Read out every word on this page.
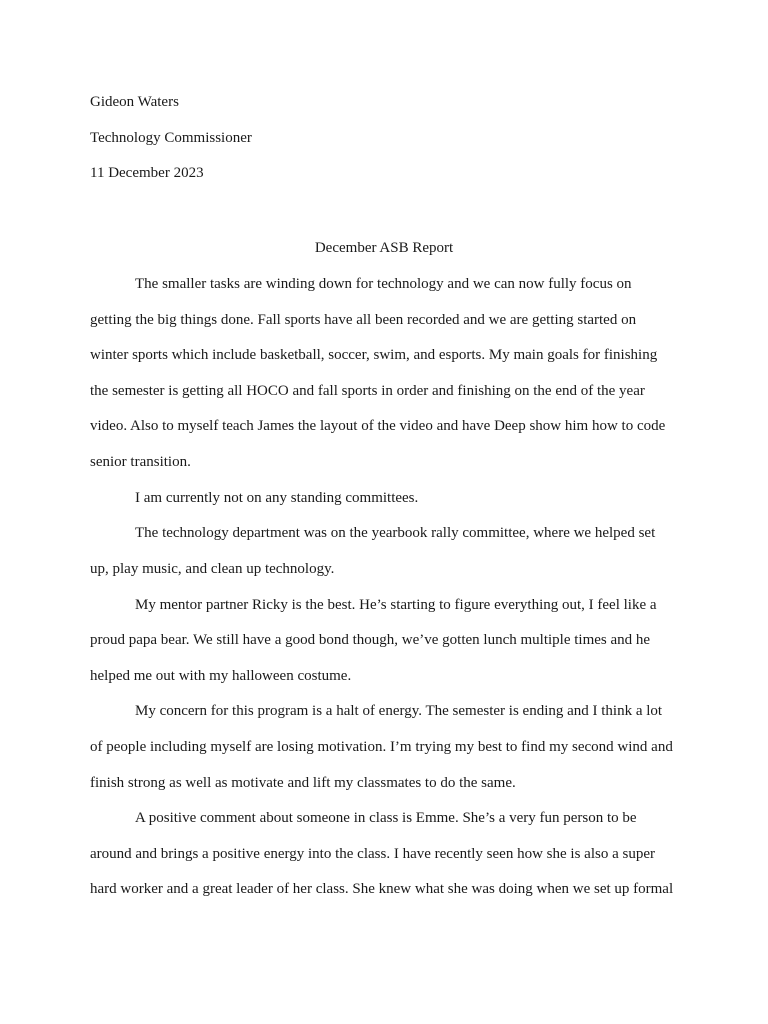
Gideon Waters
Technology Commissioner
11 December 2023
December ASB Report
The smaller tasks are winding down for technology and we can now fully focus on
getting the big things done. Fall sports have all been recorded and we are getting started on
winter sports which include basketball, soccer, swim, and esports. My main goals for finishing
the semester is getting all HOCO and fall sports in order and finishing on the end of the year
video. Also to myself teach James the layout of the video and have Deep show him how to code
senior transition.
I am currently not on any standing committees.
The technology department was on the yearbook rally committee, where we helped set
up, play music, and clean up technology.
My mentor partner Ricky is the best. He’s starting to figure everything out, I feel like a
proud papa bear. We still have a good bond though, we’ve gotten lunch multiple times and he
helped me out with my halloween costume.
My concern for this program is a halt of energy. The semester is ending and I think a lot
of people including myself are losing motivation. I’m trying my best to find my second wind and
finish strong as well as motivate and lift my classmates to do the same.
A positive comment about someone in class is Emme. She’s a very fun person to be
around and brings a positive energy into the class. I have recently seen how she is also a super
hard worker and a great leader of her class. She knew what she was doing when we set up formal
